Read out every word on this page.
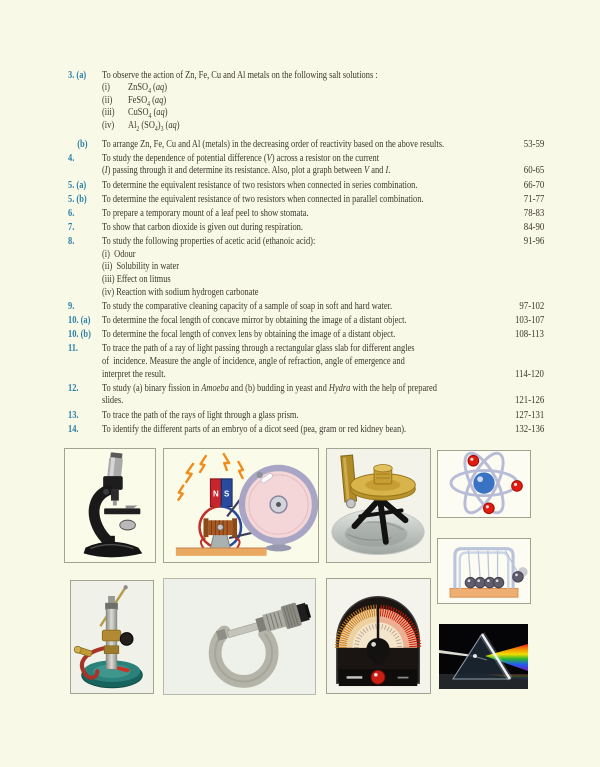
3. (a)	To observe the action of Zn, Fe, Cu and Al metals on the following salt solutions :
(i)	ZnSO$_4$ (aq)
(ii)	FeSO$_4$ (aq)
(iii)	CuSO$_4$ (aq)
(iv)	$Al_2$ $(SO_4)_3$ (aq)
(b)	To arrange Zn, Fe, Cu and Al (metals) in the decreasing order of reactivity based on the above results.	53-59
4.	To study the dependence of potential difference (V) across a resistor on the current
(I) passing through it and determine its resistance. Also, plot a graph between V and I.	60-65
5. (a)	To determine the equivalent resistance of two resistors when connected in series combination.	66-70
5. (b)	To determine the equivalent resistance of two resistors when connected in parallel combination.	71-77
6.	To prepare a temporary mount of a leaf peel to show stomata.	78-83
7.	To show that carbon dioxide is given out during respiration.	84-90
8.	To study the following properties of acetic acid (ethanoic acid):	91-96
(i)  Odour
(ii)  Solubility in water
(iii) Effect on litmus
(iv) Reaction with sodium hydrogen carbonate
9.	To study the comparative cleaning capacity of a sample of soap in soft and hard water.	97-102
10. (a)	To determine the focal length of concave mirror by obtaining the image of a distant object.	103-107
10. (b)	To determine the focal length of convex lens by obtaining the image of a distant object.	108-113
11.	To trace the path of a ray of light passing through a rectangular glass slab for different angles
of  incidence. Measure the angle of incidence, angle of refraction, angle of emergence and
interpret the result.	114-120
12.	To study (a) binary fission in Amoeba and (b) budding in yeast and Hydra with the help of prepared
slides.	121-126
13.	To trace the path of the rays of light through a glass prism.	127-131
14.	To identify the different parts of an embryo of a dicot seed (pea, gram or red kidney bean).	132-136
N S
